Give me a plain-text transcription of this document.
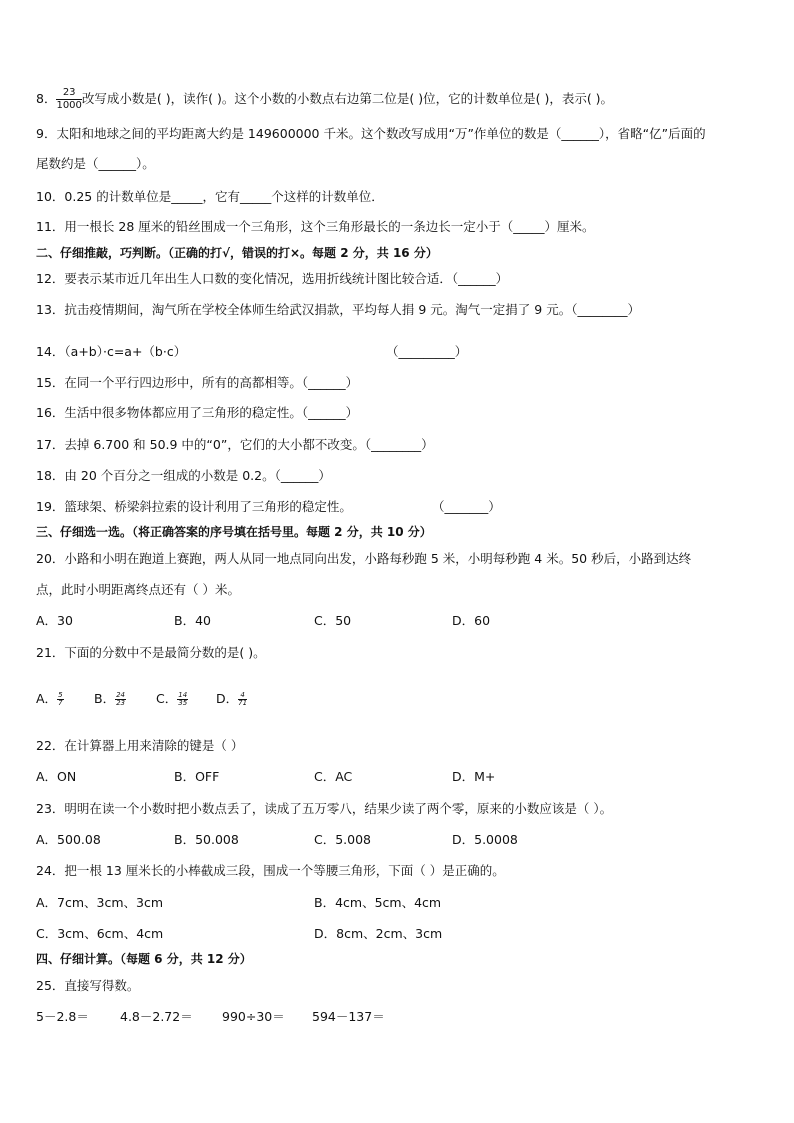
8． $\frac{23}{1000}$ 改写成小数是( )，读作( )。这个小数的小数点右边第二位是( )位，它的计数单位是( )，表示( )。
9．太阳和地球之间的平均距离大约是 149600000 千米。这个数改写成用“万”作单位的数是（______），省略“亿”后面的
尾数约是（______）。
10．0.25 的计数单位是_____，它有_____个这样的计数单位．
11．用一根长 28 厘米的铅丝围成一个三角形，这个三角形最长的一条边长一定小于（_____）厘米。
二、仔细推敲，巧判断。（正确的打√，错误的打×。每题 2 分，共 16 分）
12．要表示某市近几年出生人口数的变化情况，选用折线统计图比较合适．（______）
13．抗击疫情期间，淘气所在学校全体师生给武汉捐款，平均每人捐 9 元。淘气一定捐了 9 元。（________）
14．（a+b）·c=a+（b·c）	（_________）
15．在同一个平行四边形中，所有的高都相等。（______）
16．生活中很多物体都应用了三角形的稳定性。（______）
17．去掉 6.700 和 50.9 中的“0”，它们的大小都不改变。（________）
18．由 20 个百分之一组成的小数是 0.2。（______）
19．篮球架、桥梁斜拉索的设计利用了三角形的稳定性。	（_______）
三、仔细选一选。（将正确答案的序号填在括号里。每题 2 分，共 10 分）
20．小路和小明在跑道上赛跑，两人从同一地点同向出发，小路每秒跑 5 米，小明每秒跑 4 米。50 秒后，小路到达终
点，此时小明距离终点还有（ ）米。
A．30	B．40	C．50	D．60
21．下面的分数中不是最简分数的是( )。
A． $\frac{5}{7}$ B． $\frac{24}{23}$ C． $\frac{14}{35}$ D． $\frac{4}{71}$
22．在计算器上用来清除的键是（ ）
A．ON	B．OFF	C．AC	D．M+
23．明明在读一个小数时把小数点丢了，读成了五万零八，结果少读了两个零，原来的小数应该是（ ）。
A．500.08	B．50.008	C．5.008	D．5.0008
24．把一根 13 厘米长的小棒截成三段，围成一个等腰三角形，下面（ ）是正确的。
A．7cm、3cm、3cm	B．4cm、5cm、4cm
C．3cm、6cm、4cm	D．8cm、2cm、3cm
四、仔细计算。（每题 6 分，共 12 分）
25．直接写得数。
5－2.8＝ 4.8－2.72＝ 990÷30＝ 594－137＝
